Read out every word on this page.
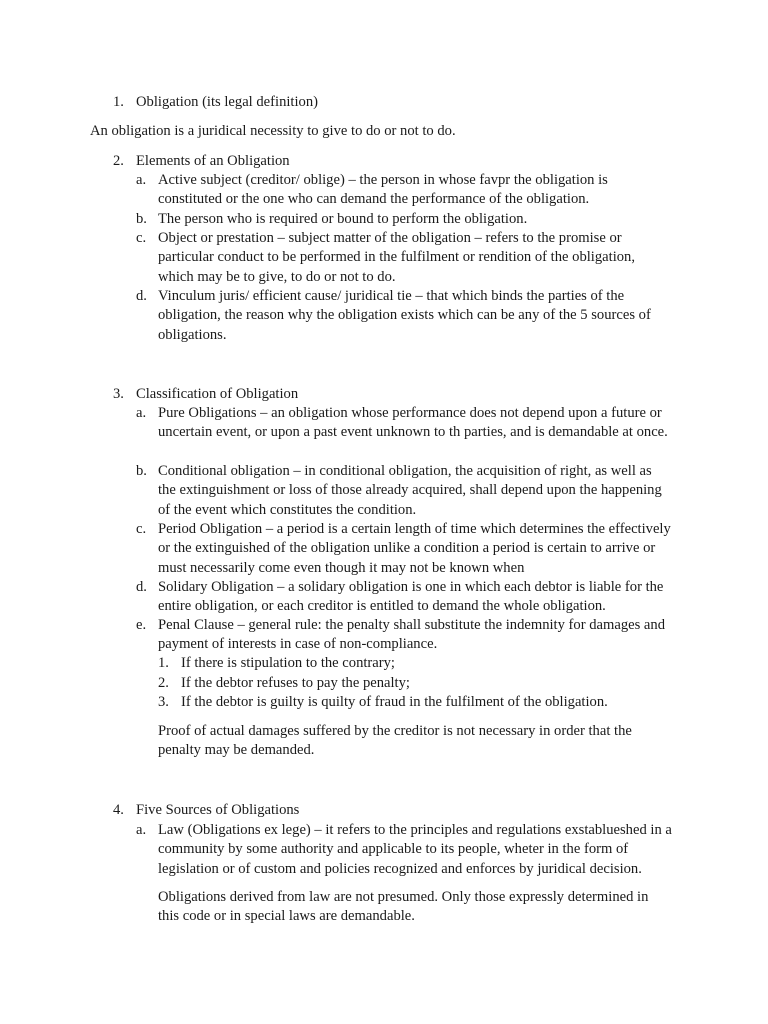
1. Obligation (its legal definition)
An obligation is a juridical necessity to give to do or not to do.
2. Elements of an Obligation
a. Active subject (creditor/ oblige) – the person in whose favpr the obligation is constituted or the one who can demand the performance of the obligation.
b. The person who is required or bound to perform the obligation.
c. Object or prestation – subject matter of the obligation – refers to the promise or particular conduct to be performed in the fulfilment or rendition of the obligation, which may be to give, to do or not to do.
d. Vinculum juris/ efficient cause/ juridical tie – that which binds the parties of the obligation, the reason why the obligation exists which can be any of the 5 sources of obligations.
3. Classification of Obligation
a. Pure Obligations – an obligation whose performance does not depend upon a future or uncertain event, or upon a past event unknown to th parties, and is demandable at once.
b. Conditional obligation – in conditional obligation, the acquisition of right, as well as the extinguishment or loss of those already acquired, shall depend upon the happening of the event which constitutes the condition.
c. Period Obligation – a period is a certain length of time which determines the effectively or the extinguished of the obligation unlike a condition a period is certain to arrive or must necessarily come even though it may not be known when
d. Solidary Obligation – a solidary obligation is one in which each debtor is liable for the entire obligation, or each creditor is entitled to demand the whole obligation.
e. Penal Clause – general rule: the penalty shall substitute the indemnity for damages and payment of interests in case of non-compliance.
1. If there is stipulation to the contrary;
2. If the debtor refuses to pay the penalty;
3. If the debtor is guilty is quilty of fraud in the fulfilment of the obligation.
Proof of actual damages suffered by the creditor is not necessary in order that the penalty may be demanded.
4. Five Sources of Obligations
a. Law (Obligations ex lege) – it refers to the principles and regulations exstablueshed in a community by some authority and applicable to its people, wheter in the form of legislation or of custom and policies recognized and enforces by juridical decision.
Obligations derived from law are not presumed. Only those expressly determined in this code or in special laws are demandable.
